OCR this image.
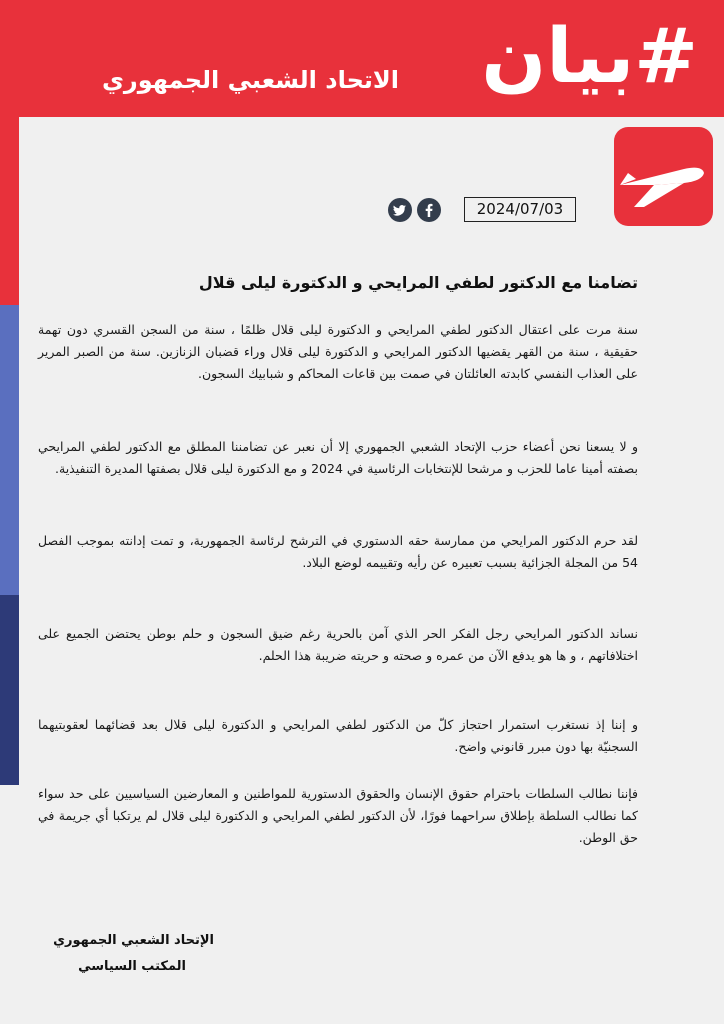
#بيان
الاتحاد الشعبي الجمهوري
2024/07/03
تضامنا مع الدكتور لطفي المرايحي و الدكتورة ليلى قلال
سنة مرت على اعتقال الدكتور لطفي المرايحي و الدكتورة ليلى قلال ظلمًا ، سنة من السجن القسري دون تهمة حقيقية ، سنة من القهر يقضيها الدكتور المرايحي و الدكتورة ليلى قلال وراء قضبان الزنازين. سنة من الصبر المرير على العذاب النفسي كابدته العائلتان في صمت بين قاعات المحاكم و شبابيك السجون.
و لا يسعنا نحن أعضاء حزب الإتحاد الشعبي الجمهوري إلا أن نعبر عن تضامننا المطلق مع الدكتور لطفي المرايحي بصفته أمينا عاما للحزب و مرشحا للإنتخابات الرئاسية في 2024 و مع الدكتورة ليلى قلال بصفتها المديرة التنفيذية.
لقد حرم الدكتور المرايحي من ممارسة حقه الدستوري في الترشح لرئاسة الجمهورية، و تمت إدانته بموجب الفصل 54 من المجلة الجزائية بسبب تعبيره عن رأيه وتقييمه لوضع البلاد.
نساند الدكتور المرايحي رجل الفكر الحر الذي آمن بالحرية رغم ضيق السجون و حلم بوطن يحتضن الجميع على اختلافاتهم ، و ها هو يدفع الآن من عمره و صحته و حريته ضريبة هذا الحلم.
و إننا إذ نستغرب استمرار احتجاز كلّ من الدكتور لطفي المرايحي و الدكتورة ليلى قلال بعد قضائهما لعقوبتيهما السجنيّة بها دون مبرر قانوني واضح.
فإننا نطالب السلطات باحترام حقوق الإنسان والحقوق الدستورية للمواطنين و المعارضين السياسيين على حد سواء كما نطالب السلطة بإطلاق سراحهما فورًا، لأن الدكتور لطفي المرايحي و الدكتورة ليلى قلال لم يرتكبا أي جريمة في حق الوطن.
الإتحاد الشعبي الجمهوري
المكتب السياسي
